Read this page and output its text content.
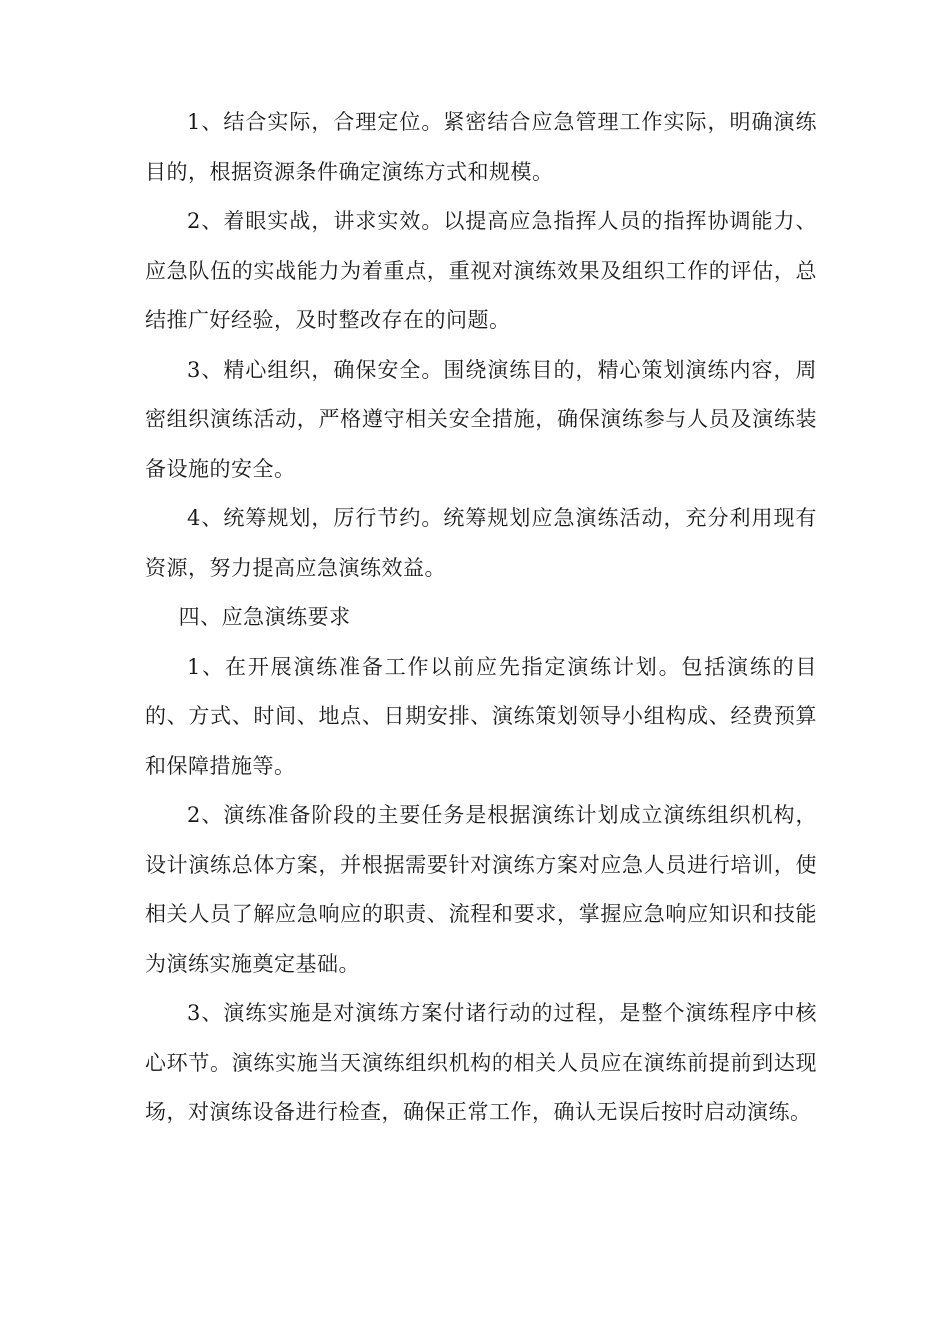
1、结合实际，合理定位。紧密结合应急管理工作实际，明确演练目的，根据资源条件确定演练方式和规模。

2、着眼实战，讲求实效。以提高应急指挥人员的指挥协调能力、应急队伍的实战能力为着重点，重视对演练效果及组织工作的评估，总结推广好经验，及时整改存在的问题。

3、精心组织，确保安全。围绕演练目的，精心策划演练内容，周密组织演练活动，严格遵守相关安全措施，确保演练参与人员及演练装备设施的安全。

4、统筹规划，厉行节约。统筹规划应急演练活动，充分利用现有资源，努力提高应急演练效益。

四、应急演练要求

1、在开展演练准备工作以前应先指定演练计划。包括演练的目的、方式、时间、地点、日期安排、演练策划领导小组构成、经费预算和保障措施等。

2、演练准备阶段的主要任务是根据演练计划成立演练组织机构，设计演练总体方案，并根据需要针对演练方案对应急人员进行培训，使相关人员了解应急响应的职责、流程和要求，掌握应急响应知识和技能为演练实施奠定基础。

3、演练实施是对演练方案付诸行动的过程，是整个演练程序中核心环节。演练实施当天演练组织机构的相关人员应在演练前提前到达现场，对演练设备进行检查，确保正常工作，确认无误后按时启动演练。
